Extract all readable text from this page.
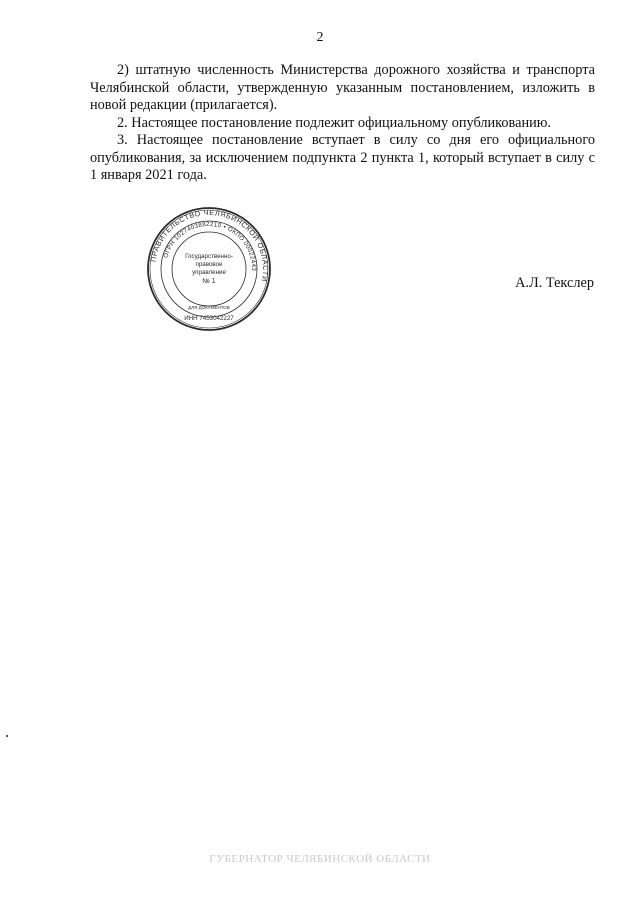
2

2) штатную численность Министерства дорожного хозяйства и транспорта Челябинской области, утвержденную указанным постановлением, изложить в новой редакции (прилагается).

2. Настоящее постановление подлежит официальному опубликованию.

3. Настоящее постановление вступает в силу со дня его официального опубликования, за исключением подпункта 2 пункта 1, который вступает в силу с 1 января 2021 года.

ПРАВИТЕЛЬСТВО ЧЕЛЯБИНСКОЙ ОБЛАСТИ
ОГРН 1027403882210 • ОКПО 00022443
Государственно-
правовое
управление
№ 1
ДЛЯ ДОКУМЕНТОВ
ИНН 7453042227
А.Л. Текслер
ГУБЕРНАТОР ЧЕЛЯБИНСКОЙ ОБЛАСТИ
